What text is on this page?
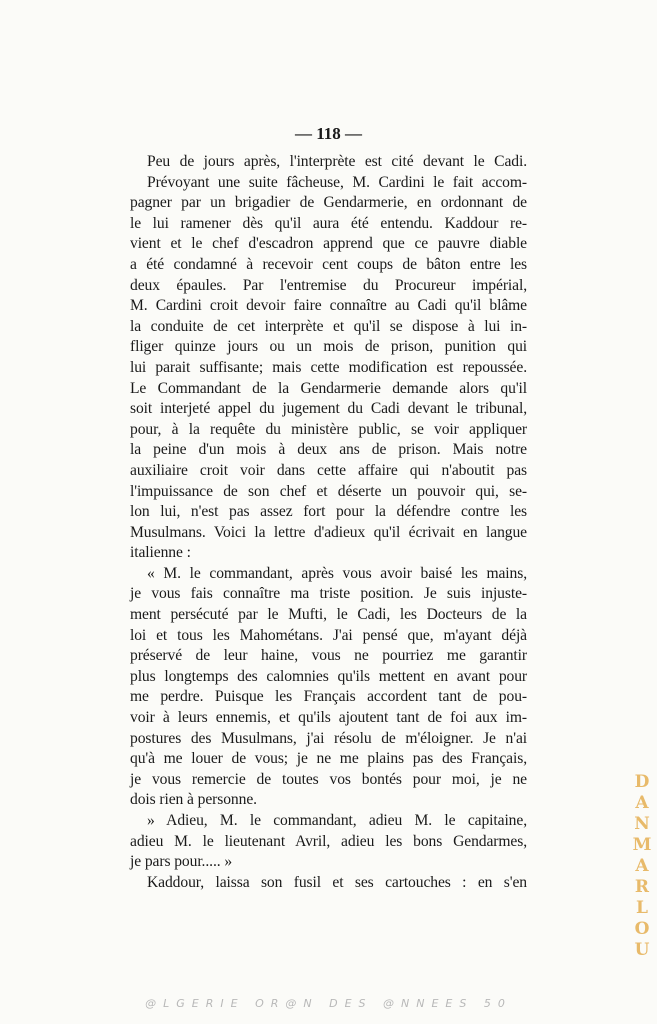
— 118 —
Peu de jours après, l'interprète est cité devant le Cadi.
Prévoyant une suite fâcheuse, M. Cardini le fait accom-
pagner par un brigadier de Gendarmerie, en ordonnant de
le lui ramener dès qu'il aura été entendu. Kaddour re-
vient et le chef d'escadron apprend que ce pauvre diable
a été condamné à recevoir cent coups de bâton entre les
deux épaules. Par l'entremise du Procureur impérial,
M. Cardini croit devoir faire connaître au Cadi qu'il blâme
la conduite de cet interprète et qu'il se dispose à lui in-
fliger quinze jours ou un mois de prison, punition qui
lui parait suffisante; mais cette modification est repoussée.
Le Commandant de la Gendarmerie demande alors qu'il
soit interjeté appel du jugement du Cadi devant le tribunal,
pour, à la requête du ministère public, se voir appliquer
la peine d'un mois à deux ans de prison. Mais notre
auxiliaire croit voir dans cette affaire qui n'aboutit pas
l'impuissance de son chef et déserte un pouvoir qui, se-
lon lui, n'est pas assez fort pour la défendre contre les
Musulmans. Voici la lettre d'adieux qu'il écrivait en langue
italienne :
« M. le commandant, après vous avoir baisé les mains,
je vous fais connaître ma triste position. Je suis injuste-
ment persécuté par le Mufti, le Cadi, les Docteurs de la
loi et tous les Mahométans. J'ai pensé que, m'ayant déjà
préservé de leur haine, vous ne pourriez me garantir
plus longtemps des calomnies qu'ils mettent en avant pour
me perdre. Puisque les Français accordent tant de pou-
voir à leurs ennemis, et qu'ils ajoutent tant de foi aux im-
postures des Musulmans, j'ai résolu de m'éloigner. Je n'ai
qu'à me louer de vous; je ne me plains pas des Français,
je vous remercie de toutes vos bontés pour moi, je ne
dois rien à personne.
» Adieu, M. le commandant, adieu M. le capitaine,
adieu M. le lieutenant Avril, adieu les bons Gendarmes,
je pars pour..... »
Kaddour, laissa son fusil et ses cartouches : en s'en
D
A
N
M
A
R
L
O
U
@LGERIE OR@N DES @NNEES 50
